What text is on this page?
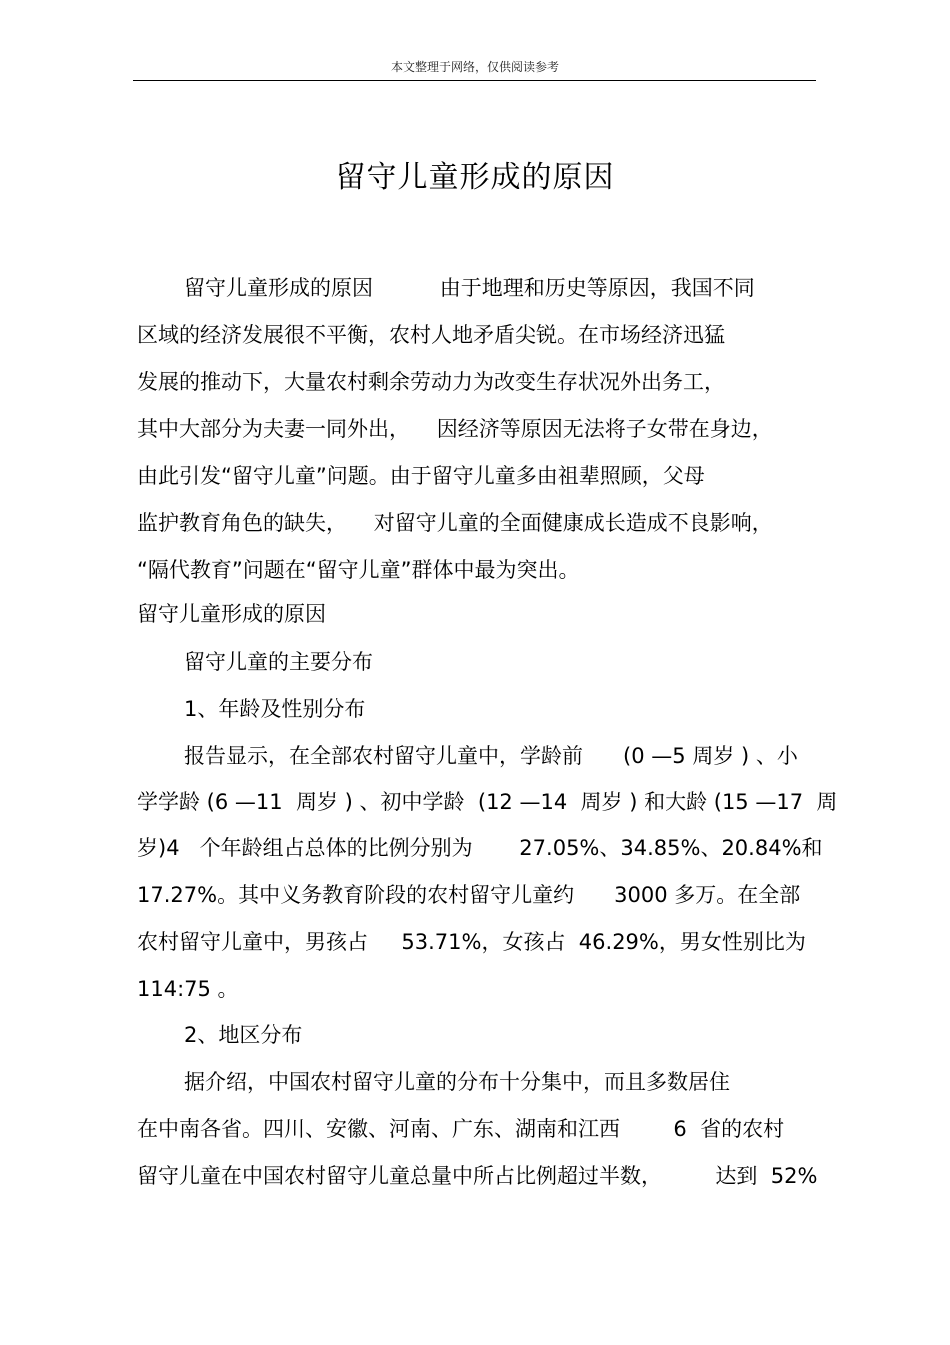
本文整理于网络，仅供阅读参考
留守儿童形成的原因
留守儿童形成的原因          由于地理和历史等原因，我国不同
区域的经济发展很不平衡，农村人地矛盾尖锐。在市场经济迅猛
发展的推动下，大量农村剩余劳动力为改变生存状况外出务工，
其中大部分为夫妻一同外出，    因经济等原因无法将子女带在身边，
由此引发“留守儿童”问题。由于留守儿童多由祖辈照顾，父母
监护教育角色的缺失，    对留守儿童的全面健康成长造成不良影响，
“隔代教育”问题在“留守儿童”群体中最为突出。
留守儿童形成的原因
留守儿童的主要分布
1、年龄及性别分布
报告显示，在全部农村留守儿童中，学龄前      (0 —5 周岁 ) 、小
学学龄 (6 —11  周岁 ) 、初中学龄  (12 —14  周岁 ) 和大龄 (15 —17  周
岁)4   个年龄组占总体的比例分别为       27.05%、34.85%、20.84%和
17.27%。其中义务教育阶段的农村留守儿童约      3000 多万。在全部
农村留守儿童中，男孩占     53.71%，女孩占  46.29%，男女性别比为
114:75 。
2、地区分布
据介绍，中国农村留守儿童的分布十分集中，而且多数居住
在中南各省。四川、安徽、河南、广东、湖南和江西        6  省的农村
留守儿童在中国农村留守儿童总量中所占比例超过半数，        达到  52%
